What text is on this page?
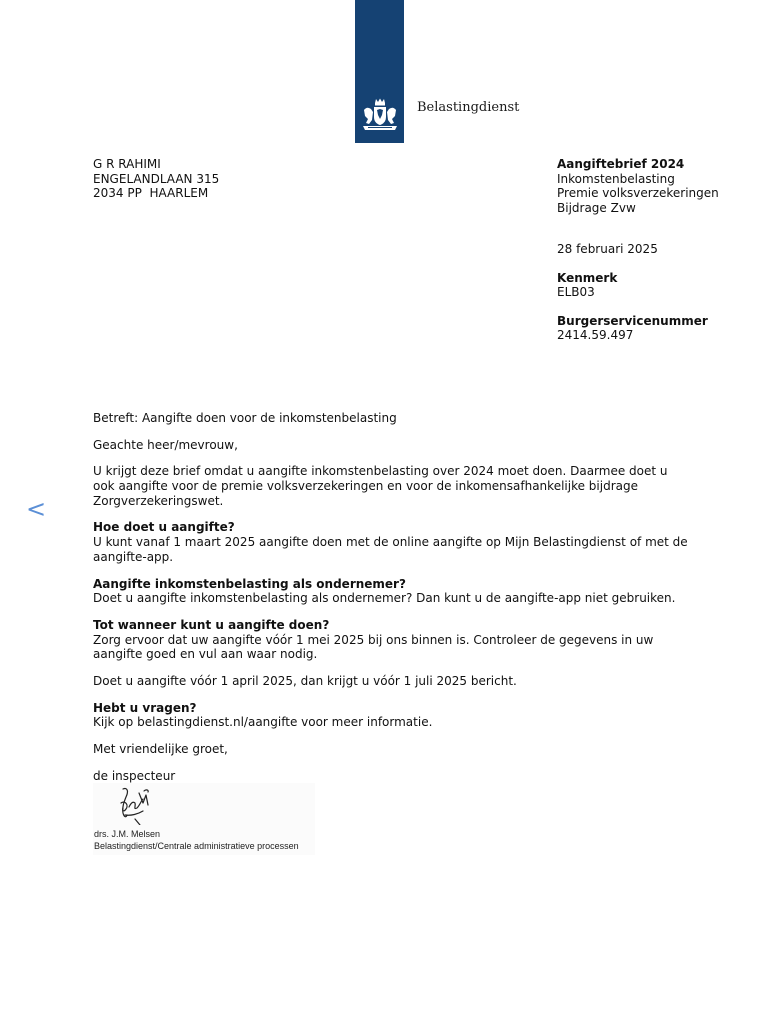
Belastingdienst
G R RAHIMI
ENGELANDLAAN 315
2034 PP  HAARLEM
Aangiftebrief 2024
Inkomstenbelasting
Premie volksverzekeringen
Bijdrage Zvw
28 februari 2025
Kenmerk
ELB03
Burgerservicenummer
2414.59.497
<
Betreft: Aangifte doen voor de inkomstenbelasting
Geachte heer/mevrouw,
U krijgt deze brief omdat u aangifte inkomstenbelasting over 2024 moet doen. Daarmee doet u
ook aangifte voor de premie volksverzekeringen en voor de inkomensafhankelijke bijdrage
Zorgverzekeringswet.
Hoe doet u aangifte?
U kunt vanaf 1 maart 2025 aangifte doen met de online aangifte op Mijn Belastingdienst of met de
aangifte-app.
Aangifte inkomstenbelasting als ondernemer?
Doet u aangifte inkomstenbelasting als ondernemer? Dan kunt u de aangifte-app niet gebruiken.
Tot wanneer kunt u aangifte doen?
Zorg ervoor dat uw aangifte vóór 1 mei 2025 bij ons binnen is. Controleer de gegevens in uw
aangifte goed en vul aan waar nodig.
Doet u aangifte vóór 1 april 2025, dan krijgt u vóór 1 juli 2025 bericht.
Hebt u vragen?
Kijk op belastingdienst.nl/aangifte voor meer informatie.
Met vriendelijke groet,
de inspecteur
drs. J.M. Melsen
Belastingdienst/Centrale administratieve processen
